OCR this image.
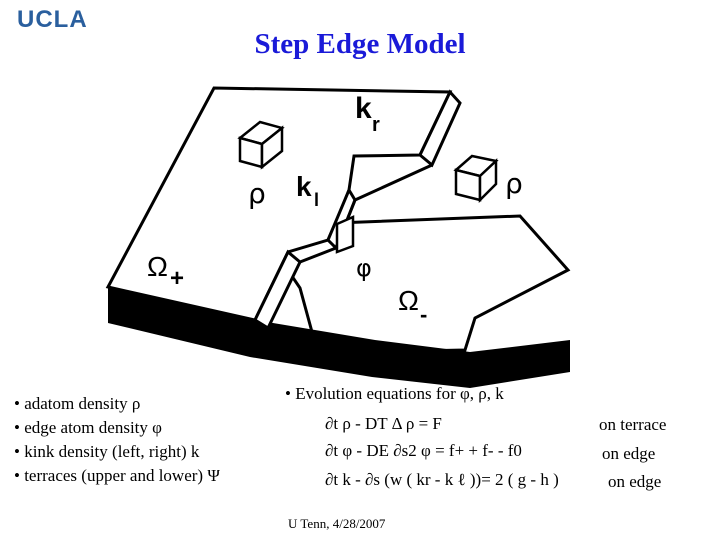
UCLA
Step Edge Model
k r
k l
Ω +
Ω -
ρ	ρ
φ
• adatom density ρ
• edge atom density φ
• kink density (left, right) k
• terraces (upper and lower) Ψ
• Evolution equations for φ, ρ, k
∂t ρ - DT Δ ρ = F
∂t φ - DE ∂s2 φ = f+ + f- - f0
∂t k - ∂s (w ( kr - k ℓ ))= 2 ( g - h )
on terrace
on edge
on edge
U Tenn, 4/28/2007
